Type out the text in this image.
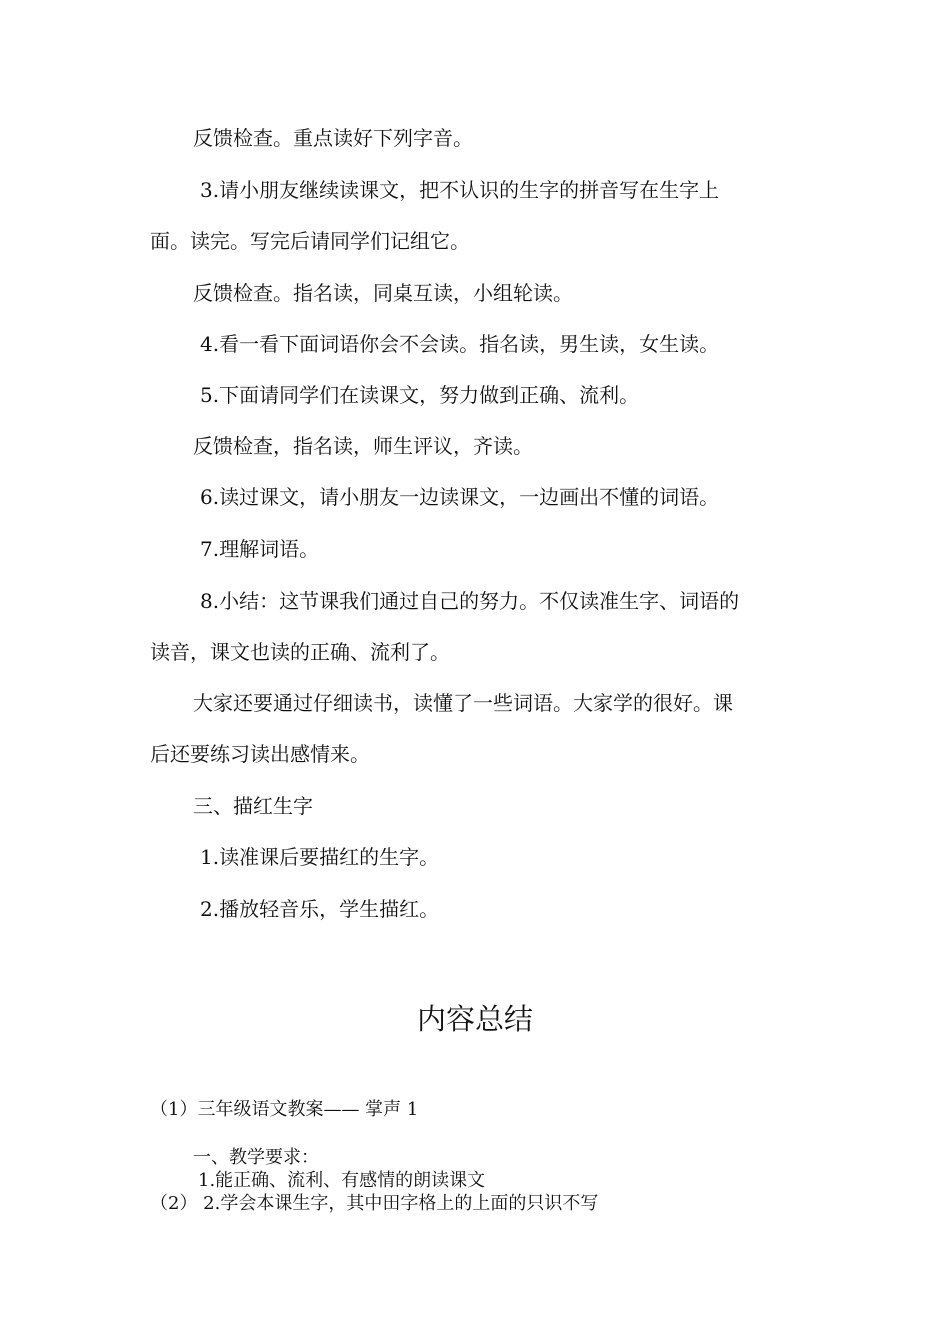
反馈检查。重点读好下列字音。
3.请小朋友继续读课文，把不认识的生字的拼音写在生字上
面。读完。写完后请同学们记组它。
反馈检查。指名读，同桌互读，小组轮读。
4.看一看下面词语你会不会读。指名读，男生读，女生读。
5.下面请同学们在读课文，努力做到正确、流利。
反馈检查，指名读，师生评议，齐读。
6.读过课文，请小朋友一边读课文，一边画出不懂的词语。
7.理解词语。
8.小结：这节课我们通过自己的努力。不仅读准生字、词语的
读音，课文也读的正确、流利了。
大家还要通过仔细读书，读懂了一些词语。大家学的很好。课
后还要练习读出感情来。
三、描红生字
1.读准课后要描红的生字。
2.播放轻音乐，学生描红。
内容总结
（1）三年级语文教案—— 掌声 1
一、教学要求：
1.能正确、流利、有感情的朗读课文
（2） 2.学会本课生字，其中田字格上的上面的只识不写
